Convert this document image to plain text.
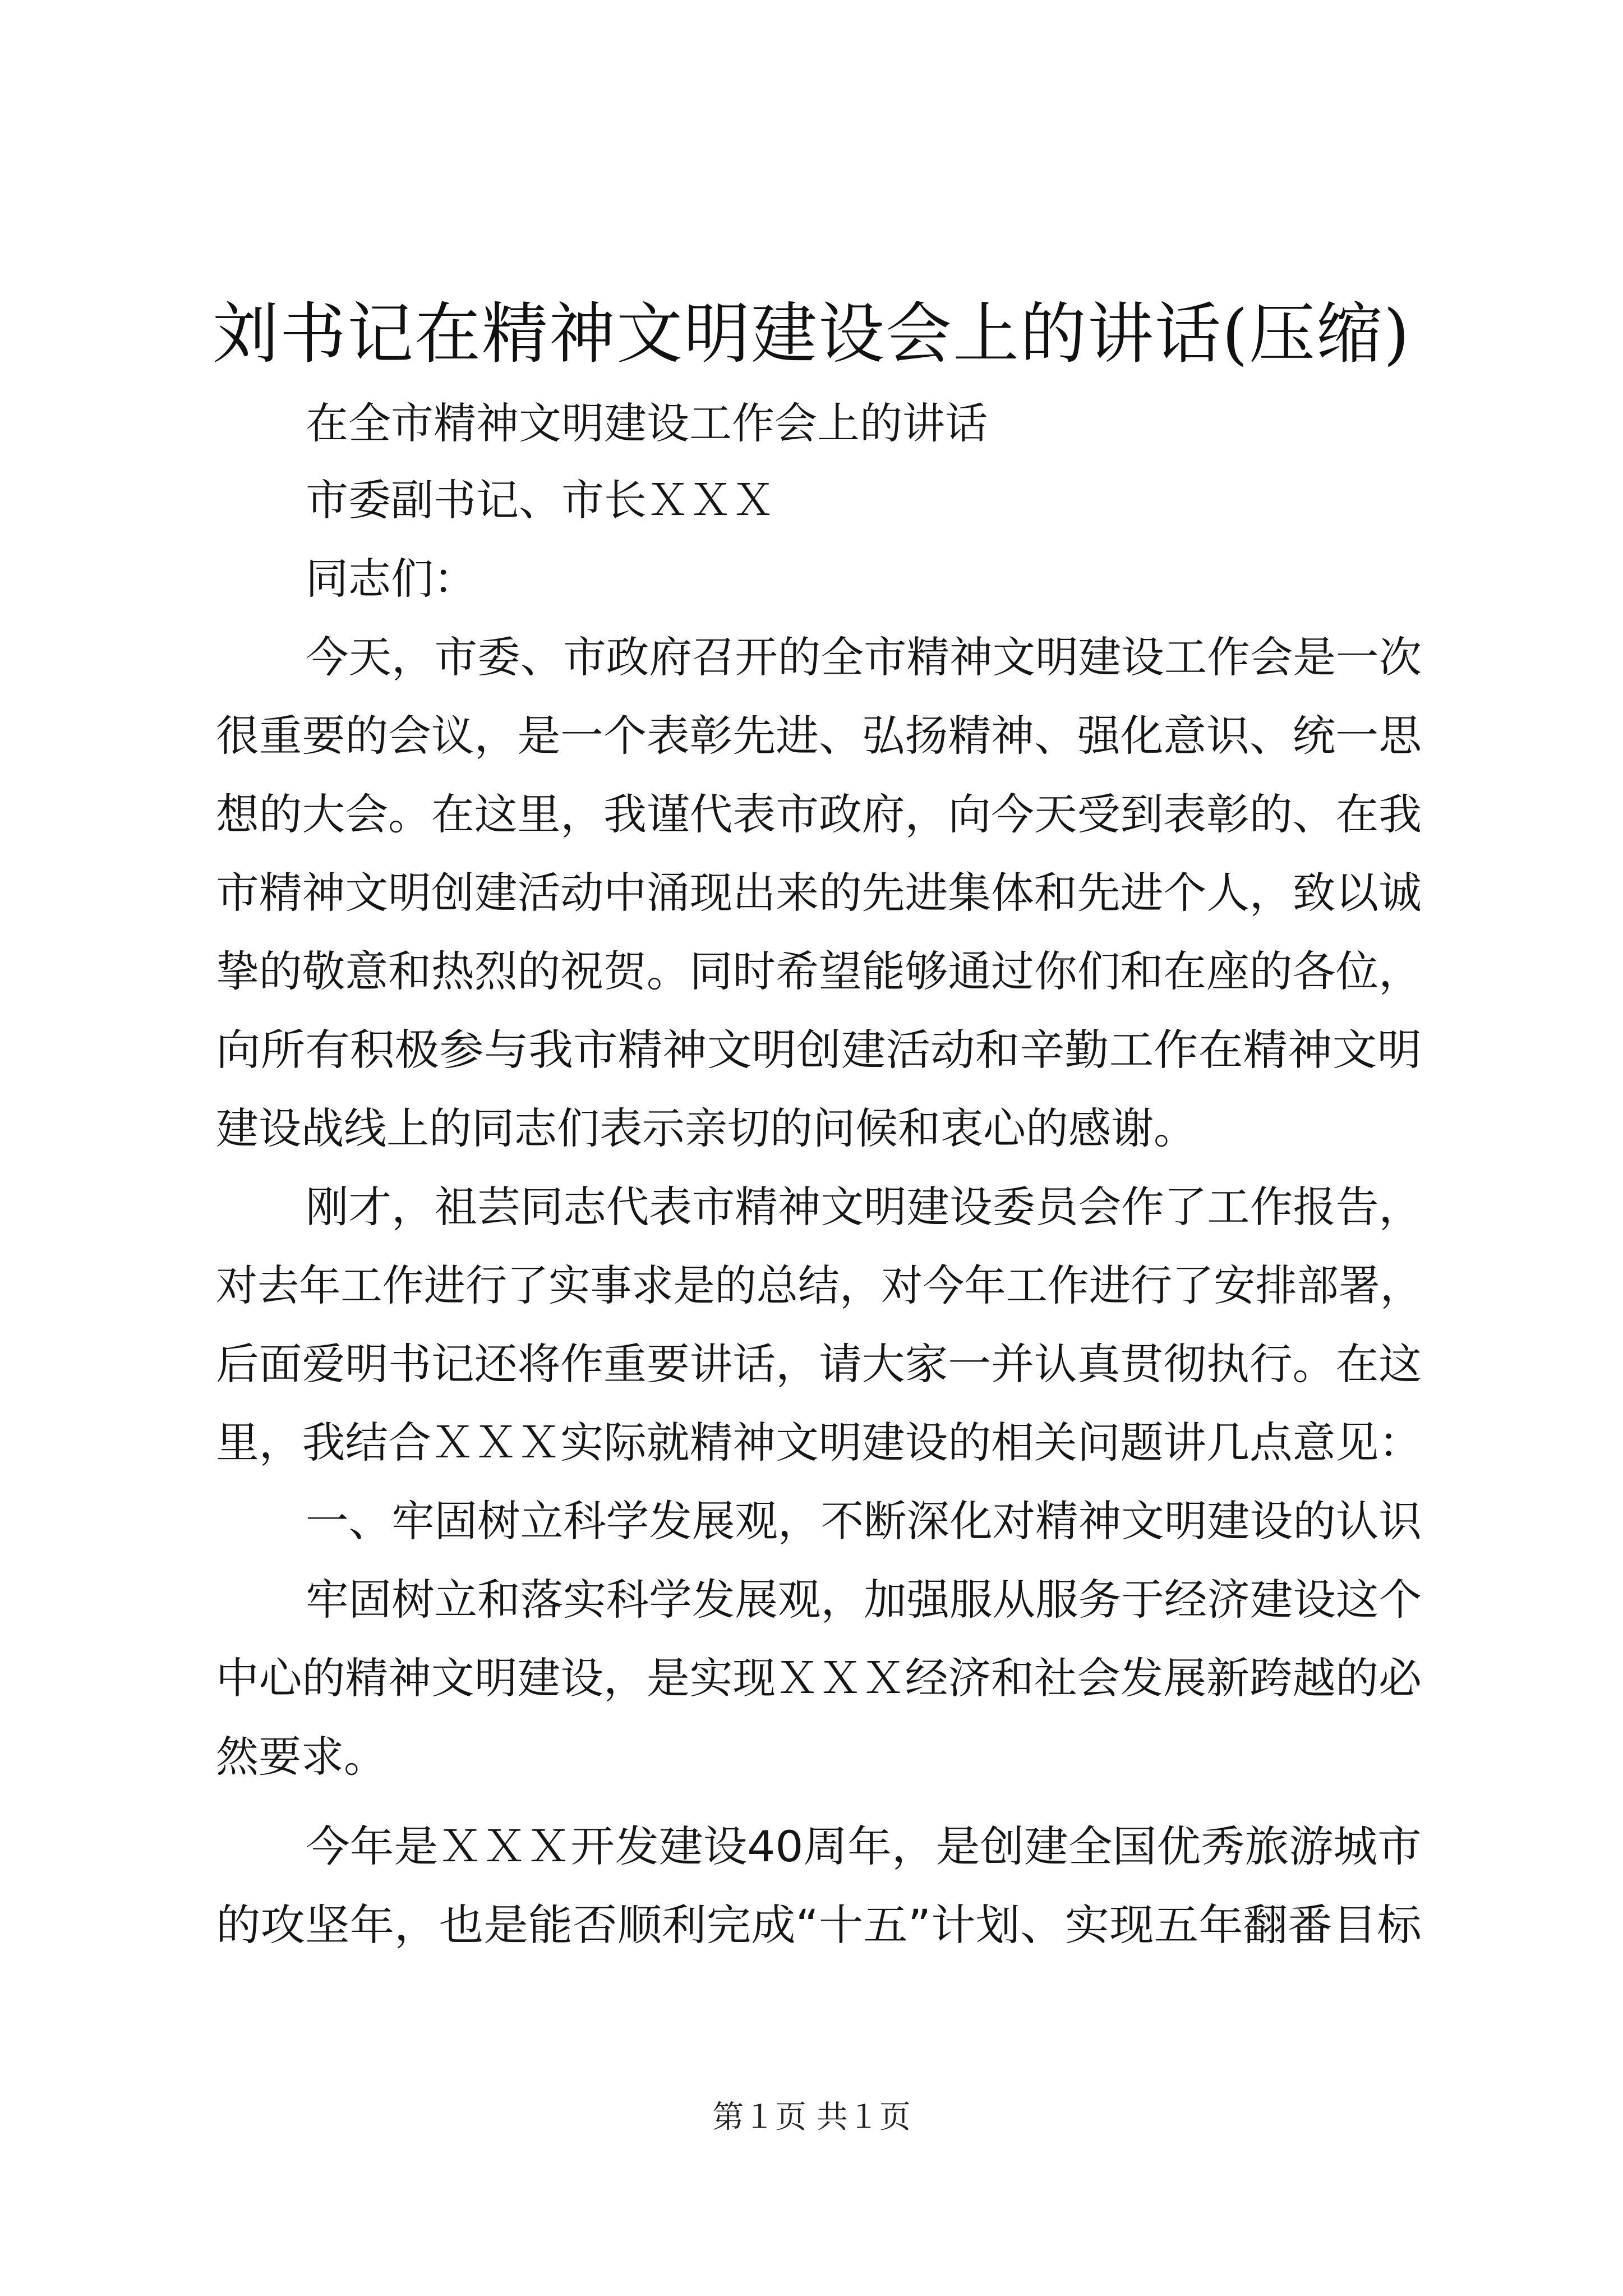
刘书记在精神文明建设会上的讲话(压缩)
在全市精神文明建设工作会上的讲话
市委副书记、市长ＸＸＸ
同志们：
今天，市委、市政府召开的全市精神文明建设工作会是一次
很重要的会议，是一个表彰先进、弘扬精神、强化意识、统一思
想的大会。在这里，我谨代表市政府，向今天受到表彰的、在我
市精神文明创建活动中涌现出来的先进集体和先进个人，致以诚
挚的敬意和热烈的祝贺。同时希望能够通过你们和在座的各位，
向所有积极参与我市精神文明创建活动和辛勤工作在精神文明
建设战线上的同志们表示亲切的问候和衷心的感谢。
刚才，祖芸同志代表市精神文明建设委员会作了工作报告，
对去年工作进行了实事求是的总结，对今年工作进行了安排部署，
后面爱明书记还将作重要讲话，请大家一并认真贯彻执行。在这
里，我结合ＸＸＸ实际就精神文明建设的相关问题讲几点意见：
一、牢固树立科学发展观，不断深化对精神文明建设的认识
牢固树立和落实科学发展观，加强服从服务于经济建设这个
中心的精神文明建设，是实现ＸＸＸ经济和社会发展新跨越的必
然要求。
今年是ＸＸＸ开发建设40周年，是创建全国优秀旅游城市
的攻坚年，也是能否顺利完成“十五”计划、实现五年翻番目标
第１页 共１页
